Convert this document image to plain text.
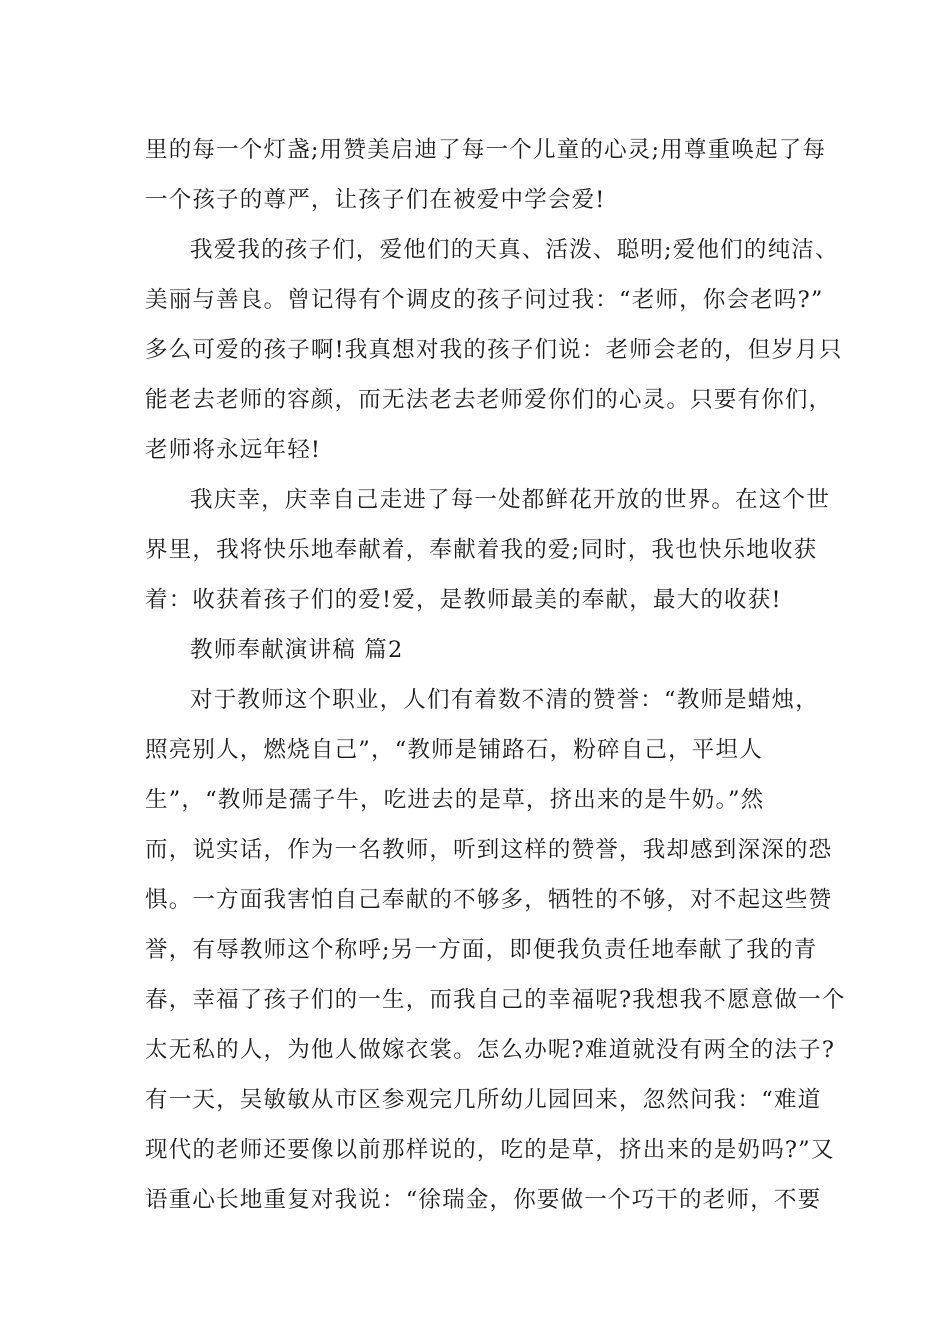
里的每一个灯盏;用赞美启迪了每一个儿童的心灵;用尊重唤起了每
一个孩子的尊严，让孩子们在被爱中学会爱!
我爱我的孩子们，爱他们的天真、活泼、聪明;爱他们的纯洁、
美丽与善良。曾记得有个调皮的孩子问过我：“老师，你会老吗?”
多么可爱的孩子啊!我真想对我的孩子们说：老师会老的，但岁月只
能老去老师的容颜，而无法老去老师爱你们的心灵。只要有你们，
老师将永远年轻!
我庆幸，庆幸自己走进了每一处都鲜花开放的世界。在这个世
界里，我将快乐地奉献着，奉献着我的爱;同时，我也快乐地收获
着：收获着孩子们的爱!爱，是教师最美的奉献，最大的收获!
教师奉献演讲稿 篇2
对于教师这个职业，人们有着数不清的赞誉：“教师是蜡烛，
照亮别人，燃烧自己”，“教师是铺路石，粉碎自己，平坦人
生”，“教师是孺子牛，吃进去的是草，挤出来的是牛奶。”然
而，说实话，作为一名教师，听到这样的赞誉，我却感到深深的恐
惧。一方面我害怕自己奉献的不够多，牺牲的不够，对不起这些赞
誉，有辱教师这个称呼;另一方面，即便我负责任地奉献了我的青
春，幸福了孩子们的一生，而我自己的幸福呢?我想我不愿意做一个
太无私的人，为他人做嫁衣裳。怎么办呢?难道就没有两全的法子?
有一天，吴敏敏从市区参观完几所幼儿园回来，忽然问我：“难道
现代的老师还要像以前那样说的，吃的是草，挤出来的是奶吗?”又
语重心长地重复对我说：“徐瑞金，你要做一个巧干的老师，不要
